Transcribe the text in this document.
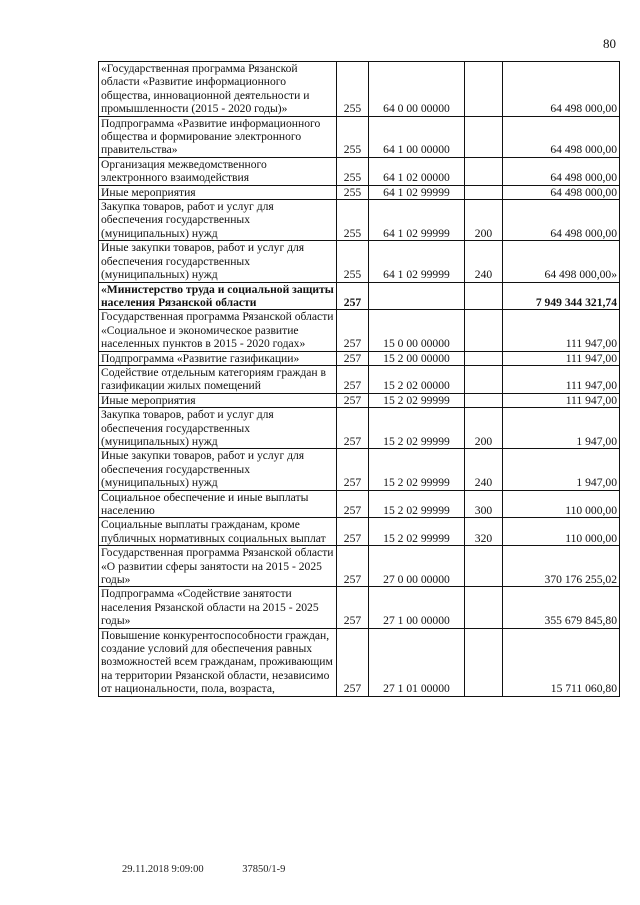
80
«Государственная программа Рязанской области «Развитие информационного общества, инновационной деятельности и промышленности (2015 - 2020 годы)»	255	64 0 00 00000		64 498 000,00
Подпрограмма «Развитие информационного общества и формирование электронного правительства»	255	64 1 00 00000		64 498 000,00
Организация межведомственного электронного взаимодействия	255	64 1 02 00000		64 498 000,00
Иные мероприятия	255	64 1 02 99999		64 498 000,00
Закупка товаров, работ и услуг для обеспечения государственных (муниципальных) нужд	255	64 1 02 99999	200	64 498 000,00
Иные закупки товаров, работ и услуг для обеспечения государственных (муниципальных) нужд	255	64 1 02 99999	240	64 498 000,00»
«Министерство труда и социальной защиты населения Рязанской области	257			7 949 344 321,74
Государственная программа Рязанской области «Социальное и экономическое развитие населенных пунктов в 2015 - 2020 годах»	257	15 0 00 00000		111 947,00
Подпрограмма «Развитие газификации»	257	15 2 00 00000		111 947,00
Содействие отдельным категориям граждан в газификации жилых помещений	257	15 2 02 00000		111 947,00
Иные мероприятия	257	15 2 02 99999		111 947,00
Закупка товаров, работ и услуг для обеспечения государственных (муниципальных) нужд	257	15 2 02 99999	200	1 947,00
Иные закупки товаров, работ и услуг для обеспечения государственных (муниципальных) нужд	257	15 2 02 99999	240	1 947,00
Социальное обеспечение и иные выплаты населению	257	15 2 02 99999	300	110 000,00
Социальные выплаты гражданам, кроме публичных нормативных социальных выплат	257	15 2 02 99999	320	110 000,00
Государственная программа Рязанской области «О развитии сферы занятости на 2015 - 2025 годы»	257	27 0 00 00000		370 176 255,02
Подпрограмма «Содействие занятости населения Рязанской области на 2015 - 2025 годы»	257	27 1 00 00000		355 679 845,80
Повышение конкурентоспособности граждан, создание условий для обеспечения равных возможностей всем гражданам, проживающим на территории Рязанской области, независимо от национальности, пола, возраста,	257	27 1 01 00000		15 711 060,80
29.11.2018 9:09:00	37850/1-9
